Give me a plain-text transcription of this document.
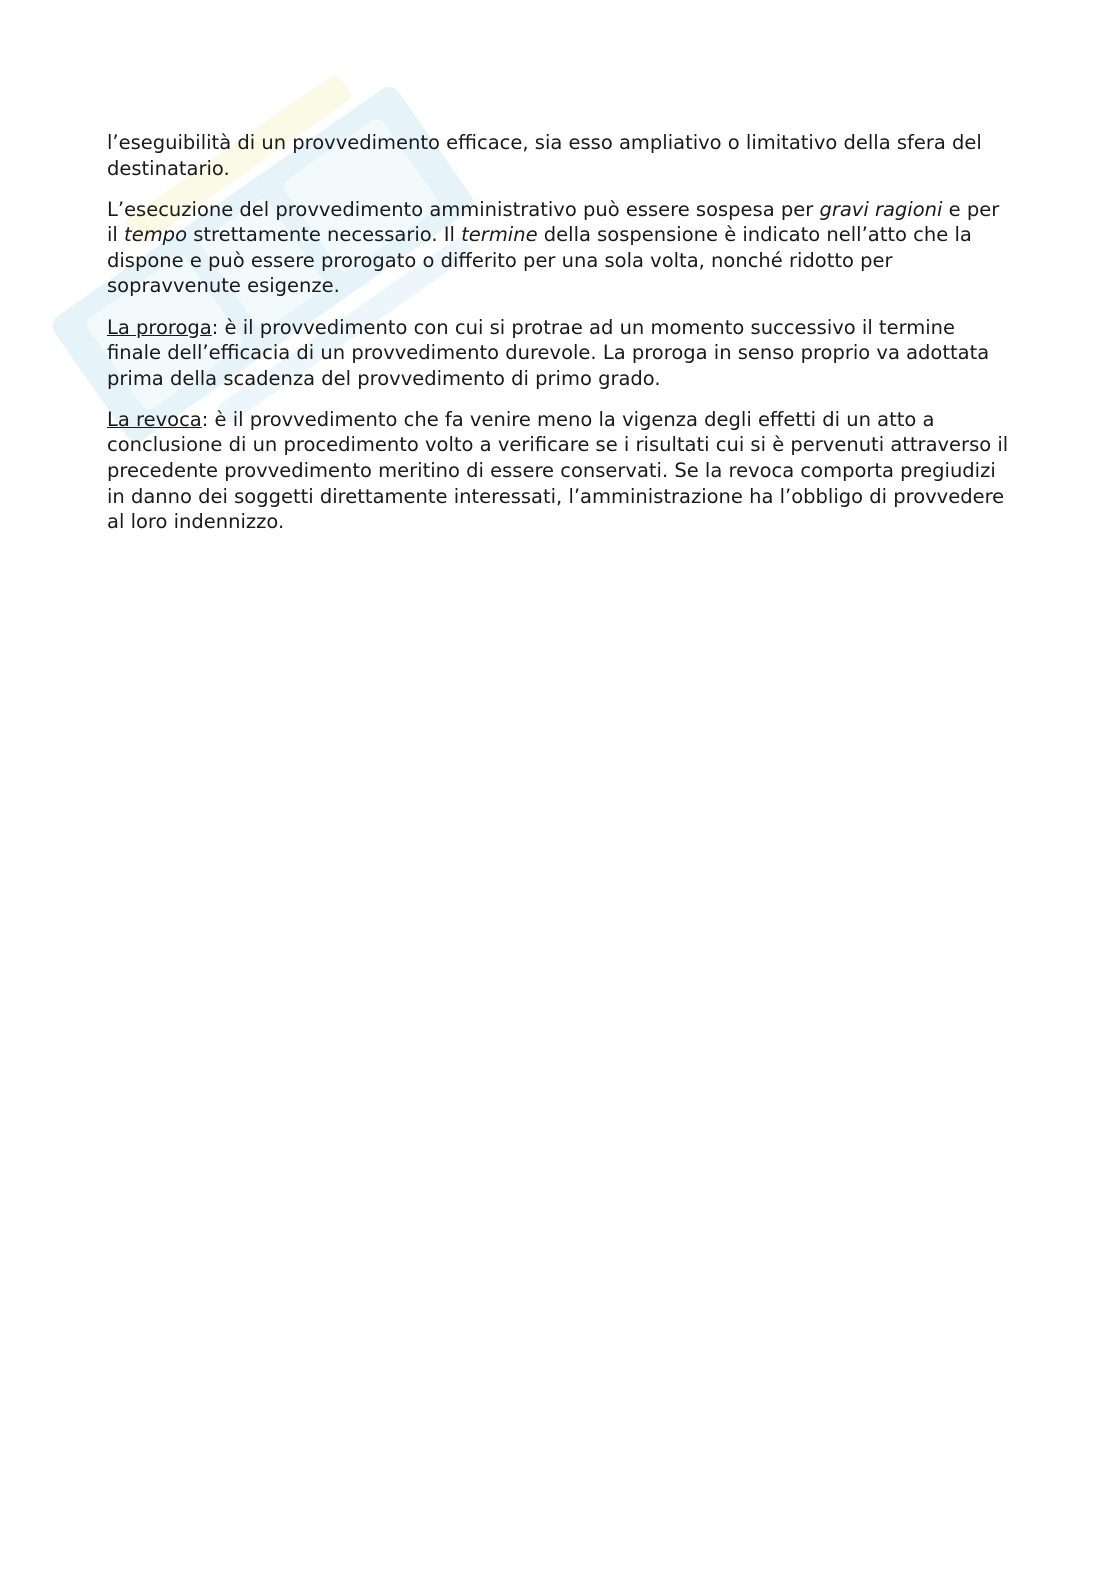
l’eseguibilità di un provvedimento efficace, sia esso ampliativo o limitativo della sfera del destinatario.

L’esecuzione del provvedimento amministrativo può essere sospesa per gravi ragioni e per il tempo strettamente necessario. Il termine della sospensione è indicato nell’atto che la dispone e può essere prorogato o differito per una sola volta, nonché ridotto per sopravvenute esigenze.

La proroga: è il provvedimento con cui si protrae ad un momento successivo il termine finale dell’efficacia di un provvedimento durevole. La proroga in senso proprio va adottata prima della scadenza del provvedimento di primo grado.

La revoca: è il provvedimento che fa venire meno la vigenza degli effetti di un atto a conclusione di un procedimento volto a verificare se i risultati cui si è pervenuti attraverso il precedente provvedimento meritino di essere conservati. Se la revoca comporta pregiudizi in danno dei soggetti direttamente interessati, l’amministrazione ha l’obbligo di provvedere al loro indennizzo.
